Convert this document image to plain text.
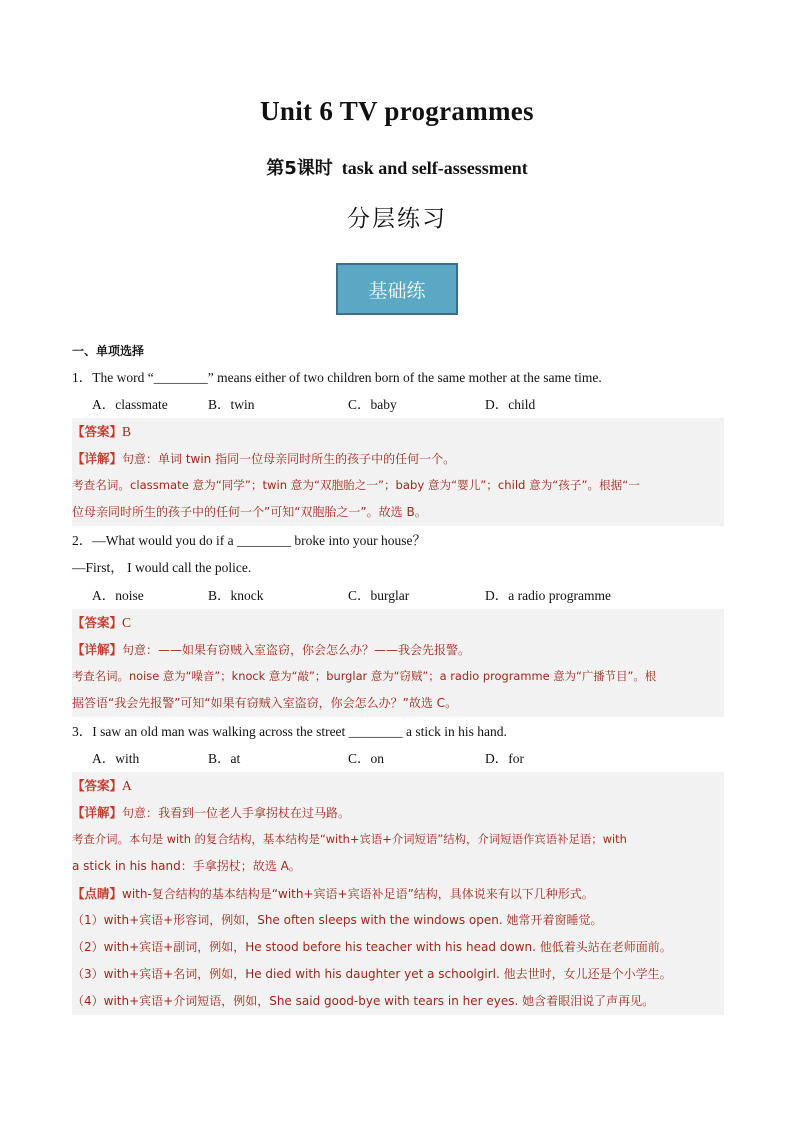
Unit 6 TV programmes
第5课时 task and self-assessment
分层练习
基础练
一、单项选择
1．The word “________” means either of two children born of the same mother at the same time.
A．classmate	B．twin	C．baby	D．child
【答案】B
【详解】句意：单词 twin 指同一位母亲同时所生的孩子中的任何一个。
考查名词。classmate 意为“同学”；twin 意为“双胞胎之一”；baby 意为“婴儿”；child 意为“孩子”。根据“一
位母亲同时所生的孩子中的任何一个”可知“双胞胎之一”。故选 B。
2．—What would you do if a ________ broke into your house？
—First， I would call the police.
A．noise	B．knock	C．burglar	D．a radio programme
【答案】C
【详解】句意：——如果有窃贼入室盗窃，你会怎么办？——我会先报警。
考查名词。noise 意为“噪音”；knock 意为“敲”；burglar 意为“窃贼”；a radio programme 意为“广播节目”。根
据答语“我会先报警”可知“如果有窃贼入室盗窃，你会怎么办？”故选 C。
3．I saw an old man was walking across the street ________ a stick in his hand.
A．with	B．at	C．on	D．for
【答案】A
【详解】句意：我看到一位老人手拿拐杖在过马路。
考查介词。本句是 with 的复合结构，基本结构是“with+宾语+介词短语”结构，介词短语作宾语补足语；with
a stick in his hand：手拿拐杖；故选 A。
【点睛】with-复合结构的基本结构是“with+宾语+宾语补足语”结构，具体说来有以下几种形式。
（1）with+宾语+形容词，例如，She often sleeps with the windows open. 她常开着窗睡觉。
（2）with+宾语+副词，例如，He stood before his teacher with his head down. 他低着头站在老师面前。
（3）with+宾语+名词，例如，He died with his daughter yet a schoolgirl. 他去世时，女儿还是个小学生。
（4）with+宾语+介词短语，例如，She said good-bye with tears in her eyes. 她含着眼泪说了声再见。
